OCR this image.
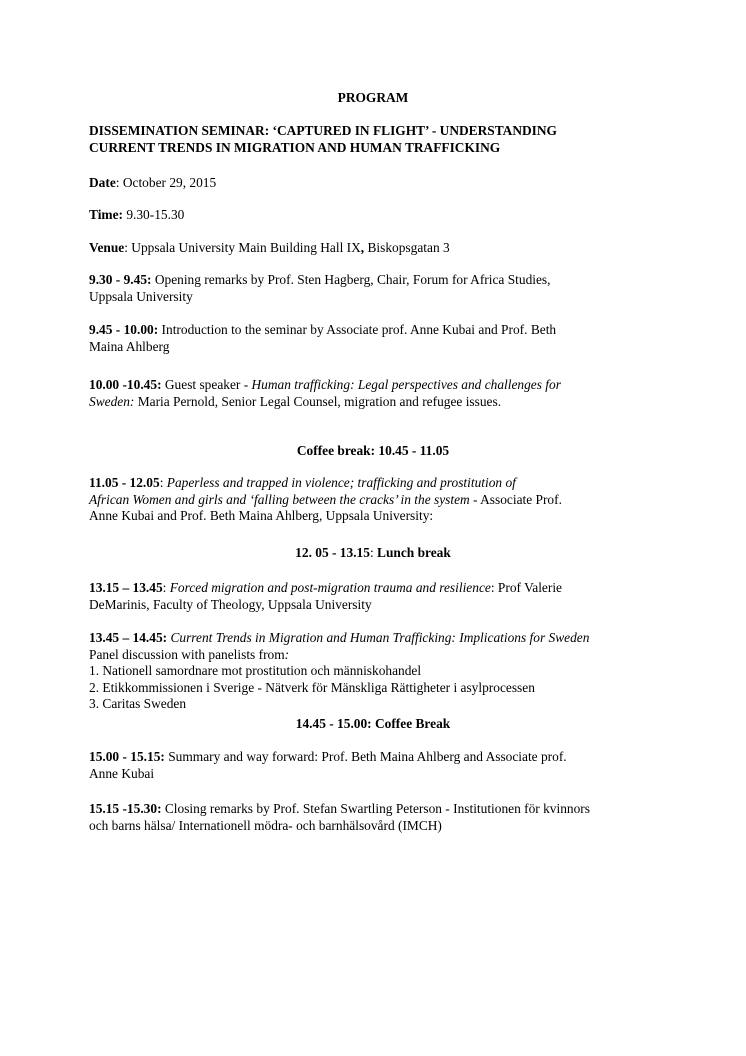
PROGRAM

DISSEMINATION SEMINAR: ‘CAPTURED IN FLIGHT’ - UNDERSTANDING
CURRENT TRENDS IN MIGRATION AND HUMAN TRAFFICKING

Date: October 29, 2015

Time: 9.30-15.30

Venue: Uppsala University Main Building Hall IX, Biskopsgatan 3

9.30 - 9.45: Opening remarks by Prof. Sten Hagberg, Chair, Forum for Africa Studies,
Uppsala University

9.45 - 10.00: Introduction to the seminar by Associate prof. Anne Kubai and Prof. Beth
Maina Ahlberg

10.00 -10.45: Guest speaker - Human trafficking: Legal perspectives and challenges for
Sweden: Maria Pernold, Senior Legal Counsel, migration and refugee issues.

Coffee break: 10.45 - 11.05

11.05 - 12.05: Paperless and trapped in violence; trafficking and prostitution of
African Women and girls and ‘falling between the cracks’ in the system - Associate Prof.
Anne Kubai and Prof. Beth Maina Ahlberg, Uppsala University:

12. 05 - 13.15: Lunch break

13.15 – 13.45: Forced migration and post-migration trauma and resilience: Prof Valerie
DeMarinis, Faculty of Theology, Uppsala University

13.45 – 14.45: Current Trends in Migration and Human Trafficking: Implications for Sweden
Panel discussion with panelists from:
1. Nationell samordnare mot prostitution och människohandel
2. Etikkommissionen i Sverige - Nätverk för Mänskliga Rättigheter i asylprocessen
3. Caritas Sweden

14.45 - 15.00: Coffee Break

15.00 - 15.15: Summary and way forward: Prof. Beth Maina Ahlberg and Associate prof.
Anne Kubai

15.15 -15.30: Closing remarks by Prof. Stefan Swartling Peterson - Institutionen för kvinnors
och barns hälsa/ Internationell mödra- och barnhälsovård (IMCH)
